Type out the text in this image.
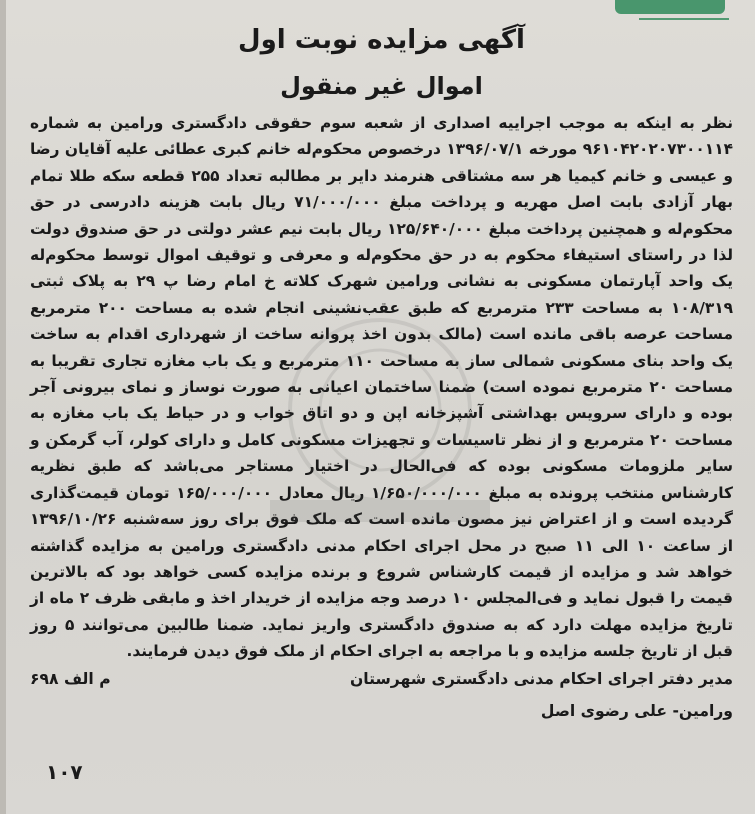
آگهی مزایده نوبت اول
اموال غیر منقول

نظر به اینکه به موجب اجراییه اصداری از شعبه سوم حقوقی دادگستری ورامین به شماره ۹۶۱۰۴۲۰۲۰۷۳۰۰۱۱۴ مورخه ۱۳۹۶/۰۷/۱ درخصوص محکوم‌له خانم کبری عطائی علیه آقایان رضا و عیسی و خانم کیمیا هر سه مشتاقی هنرمند دایر بر مطالبه تعداد ۲۵۵ قطعه سکه طلا تمام بهار آزادی بابت اصل مهریه و پرداخت مبلغ ۷۱/۰۰۰/۰۰۰ ریال بابت هزینه دادرسی در حق محکوم‌له و همچنین پرداخت مبلغ ۱۲۵/۶۴۰/۰۰۰ ریال بابت نیم عشر دولتی در حق صندوق دولت لذا در راستای استیفاء محکوم به در حق محکوم‌له و معرفی و توقیف اموال توسط محکوم‌له یک واحد آپارتمان مسکونی به نشانی ورامین شهرک کلاته خ امام رضا پ ۲۹ به پلاک ثبتی ۱۰۸/۳۱۹ به مساحت ۲۳۳ مترمربع که طبق عقب‌نشینی انجام شده به مساحت ۲۰۰ مترمربع مساحت عرصه باقی مانده است (مالک بدون اخذ پروانه ساخت از شهرداری اقدام به ساخت یک واحد بنای مسکونی شمالی ساز به مساحت ۱۱۰ مترمربع و یک باب مغازه تجاری تقریبا به مساحت ۲۰ مترمربع نموده است) ضمنا ساختمان اعیانی به صورت نوساز و نمای بیرونی آجر بوده و دارای سرویس بهداشتی آشپزخانه اپن و دو اتاق خواب و در حیاط یک باب مغازه به مساحت ۲۰ مترمربع و از نظر تاسیسات و تجهیزات مسکونی کامل و دارای کولر، آب گرمکن و سایر ملزومات مسکونی بوده که فی‌الحال در اختیار مستاجر می‌باشد که طبق نظریه کارشناس منتخب پرونده به مبلغ ۱/۶۵۰/۰۰۰/۰۰۰ ریال معادل ۱۶۵/۰۰۰/۰۰۰ تومان قیمت‌گذاری گردیده است و از اعتراض نیز مصون مانده است که ملک فوق برای روز سه‌شنبه ۱۳۹۶/۱۰/۲۶ از ساعت ۱۰ الی ۱۱ صبح در محل اجرای احکام مدنی دادگستری ورامین به مزایده گذاشته خواهد شد و مزایده از قیمت کارشناس شروع و برنده مزایده کسی خواهد بود که بالاترین قیمت را قبول نماید و فی‌المجلس ۱۰ درصد وجه مزایده از خریدار اخذ و مابقی ظرف ۲ ماه از تاریخ مزایده مهلت دارد که به صندوق دادگستری واریز نماید. ضمنا طالبین می‌توانند ۵ روز قبل از تاریخ جلسه مزایده و با مراجعه به اجرای احکام از ملک فوق دیدن فرمایند.

مدیر دفتر اجرای احکام مدنی دادگستری شهرستان
م الف ۶۹۸
ورامین- علی رضوی اصل
۱۰۷
